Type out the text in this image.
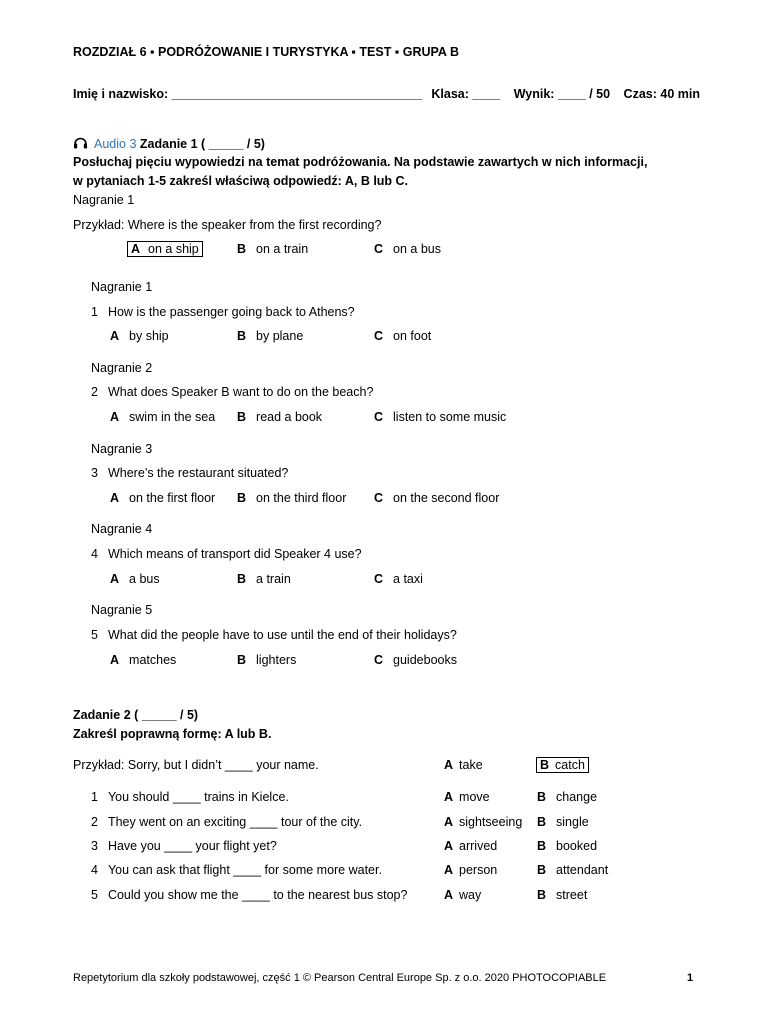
ROZDZIAŁ 6 ▪ PODRÓŻOWANIE I TURYSTYKA ▪ TEST ▪ GRUPA B
Imię i nazwisko: ____________________________________ Klasa: ____ Wynik: ____ / 50 Czas: 40 min
Audio 3 Zadanie 1 ( _____ / 5)
Posłuchaj pięciu wypowiedzi na temat podróżowania. Na podstawie zawartych w nich informacji,
w pytaniach 1-5 zakreśl właściwą odpowiedź: A, B lub C.
Nagranie 1
Przykład: Where is the speaker from the first recording?
A on a ship	B on a train	C on a bus
Nagranie 1
1 How is the passenger going back to Athens?
A by ship	B by plane	C on foot
Nagranie 2
2 What does Speaker B want to do on the beach?
A swim in the sea B read a book	C listen to some music
Nagranie 3
3 Where’s the restaurant situated?
A on the first floor B on the third floor C on the second floor
Nagranie 4
4 Which means of transport did Speaker 4 use?
A a bus	B a train	C a taxi
Nagranie 5
5 What did the people have to use until the end of their holidays?
A matches	B lighters	C guidebooks
Zadanie 2 ( _____ / 5)
Zakreśl poprawną formę: A lub B.
Przykład: Sorry, but I didn’t ____ your name.	A take	B catch
1 You should ____ trains in Kielce.	A move	B change
2 They went on an exciting ____ tour of the city.	A sightseeing B single
3 Have you ____ your flight yet?	A arrived	B booked
4 You can ask that flight ____ for some more water.	A person	B attendant
5 Could you show me the ____ to the nearest bus stop?	A way	B street
Repetytorium dla szkoły podstawowej, część 1 © Pearson Central Europe Sp. z o.o. 2020 PHOTOCOPIABLE	1
